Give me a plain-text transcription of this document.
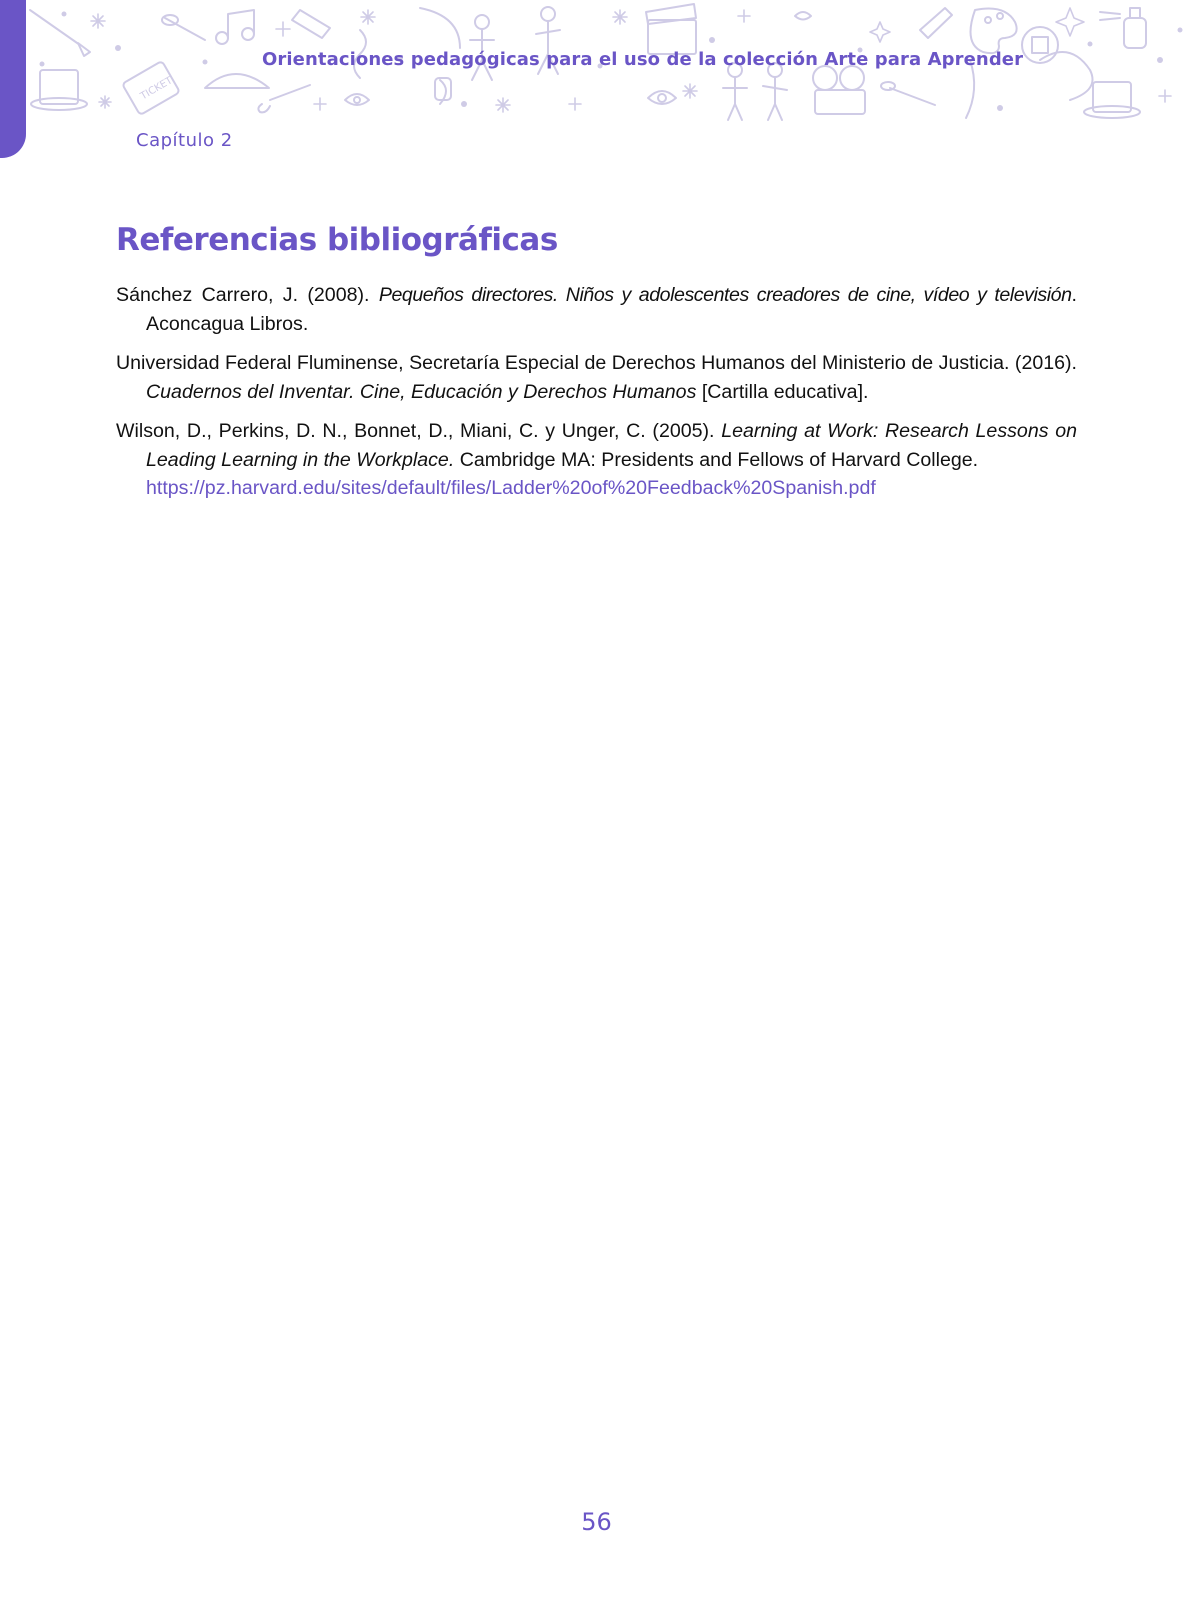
TICKET
Orientaciones pedagógicas para el uso de la colección Arte para Aprender
Capítulo 2
Referencias bibliográficas

Sánchez Carrero, J. (2008). Pequeños directores. Niños y adolescentes creadores de cine, vídeo y televisión. Aconcagua Libros.

Universidad Federal Fluminense, Secretaría Especial de Derechos Humanos del Ministerio de Justicia. (2016). Cuadernos del Inventar. Cine, Educación y Derechos Humanos [Cartilla educativa].

Wilson, D., Perkins, D. N., Bonnet, D., Miani, C. y Unger, C. (2005). Learning at Work: Research Lessons on Leading Learning in the Workplace. Cambridge MA: Presidents and Fellows of Harvard College.
https://pz.harvard.edu/sites/default/files/Ladder%20of%20Feedback%20Spanish.pdf

56
